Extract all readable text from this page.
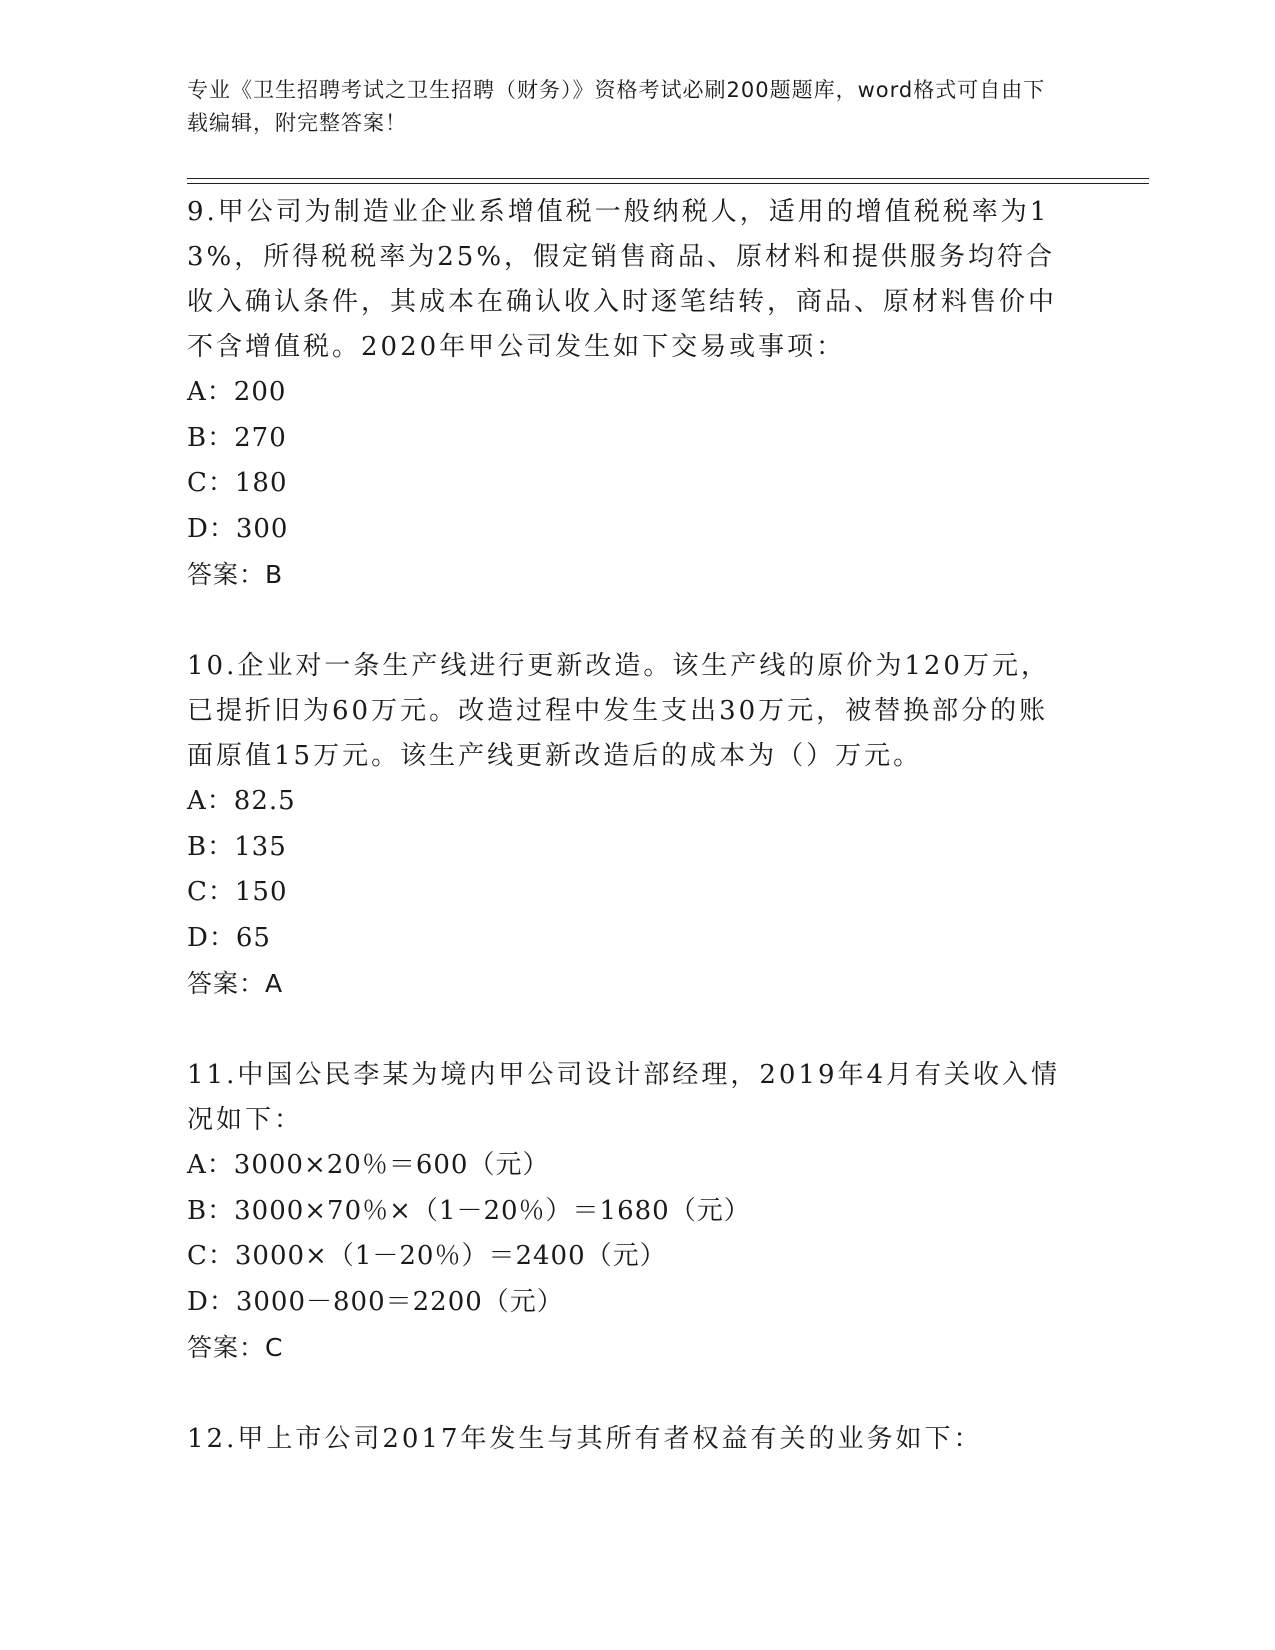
专业《卫生招聘考试之卫生招聘（财务）》资格考试必刷200题题库，word格式可自由下载编辑，附完整答案！

9.甲公司为制造业企业系增值税一般纳税人，适用的增值税税率为13%，所得税税率为25%，假定销售商品、原材料和提供服务均符合收入确认条件，其成本在确认收入时逐笔结转，商品、原材料售价中不含增值税。2020年甲公司发生如下交易或事项：

A：200

B：270

C：180

D：300

答案：B

10.企业对一条生产线进行更新改造。该生产线的原价为120万元，已提折旧为60万元。改造过程中发生支出30万元，被替换部分的账面原值15万元。该生产线更新改造后的成本为（）万元。

A：82.5

B：135

C：150

D：65

答案：A

11.中国公民李某为境内甲公司设计部经理，2019年4月有关收入情况如下：

A：3000×20％＝600（元）

B：3000×70％×（1－20％）＝1680（元）

C：3000×（1－20％）＝2400（元）

D：3000－800＝2200（元）

答案：C

12.甲上市公司2017年发生与其所有者权益有关的业务如下：
